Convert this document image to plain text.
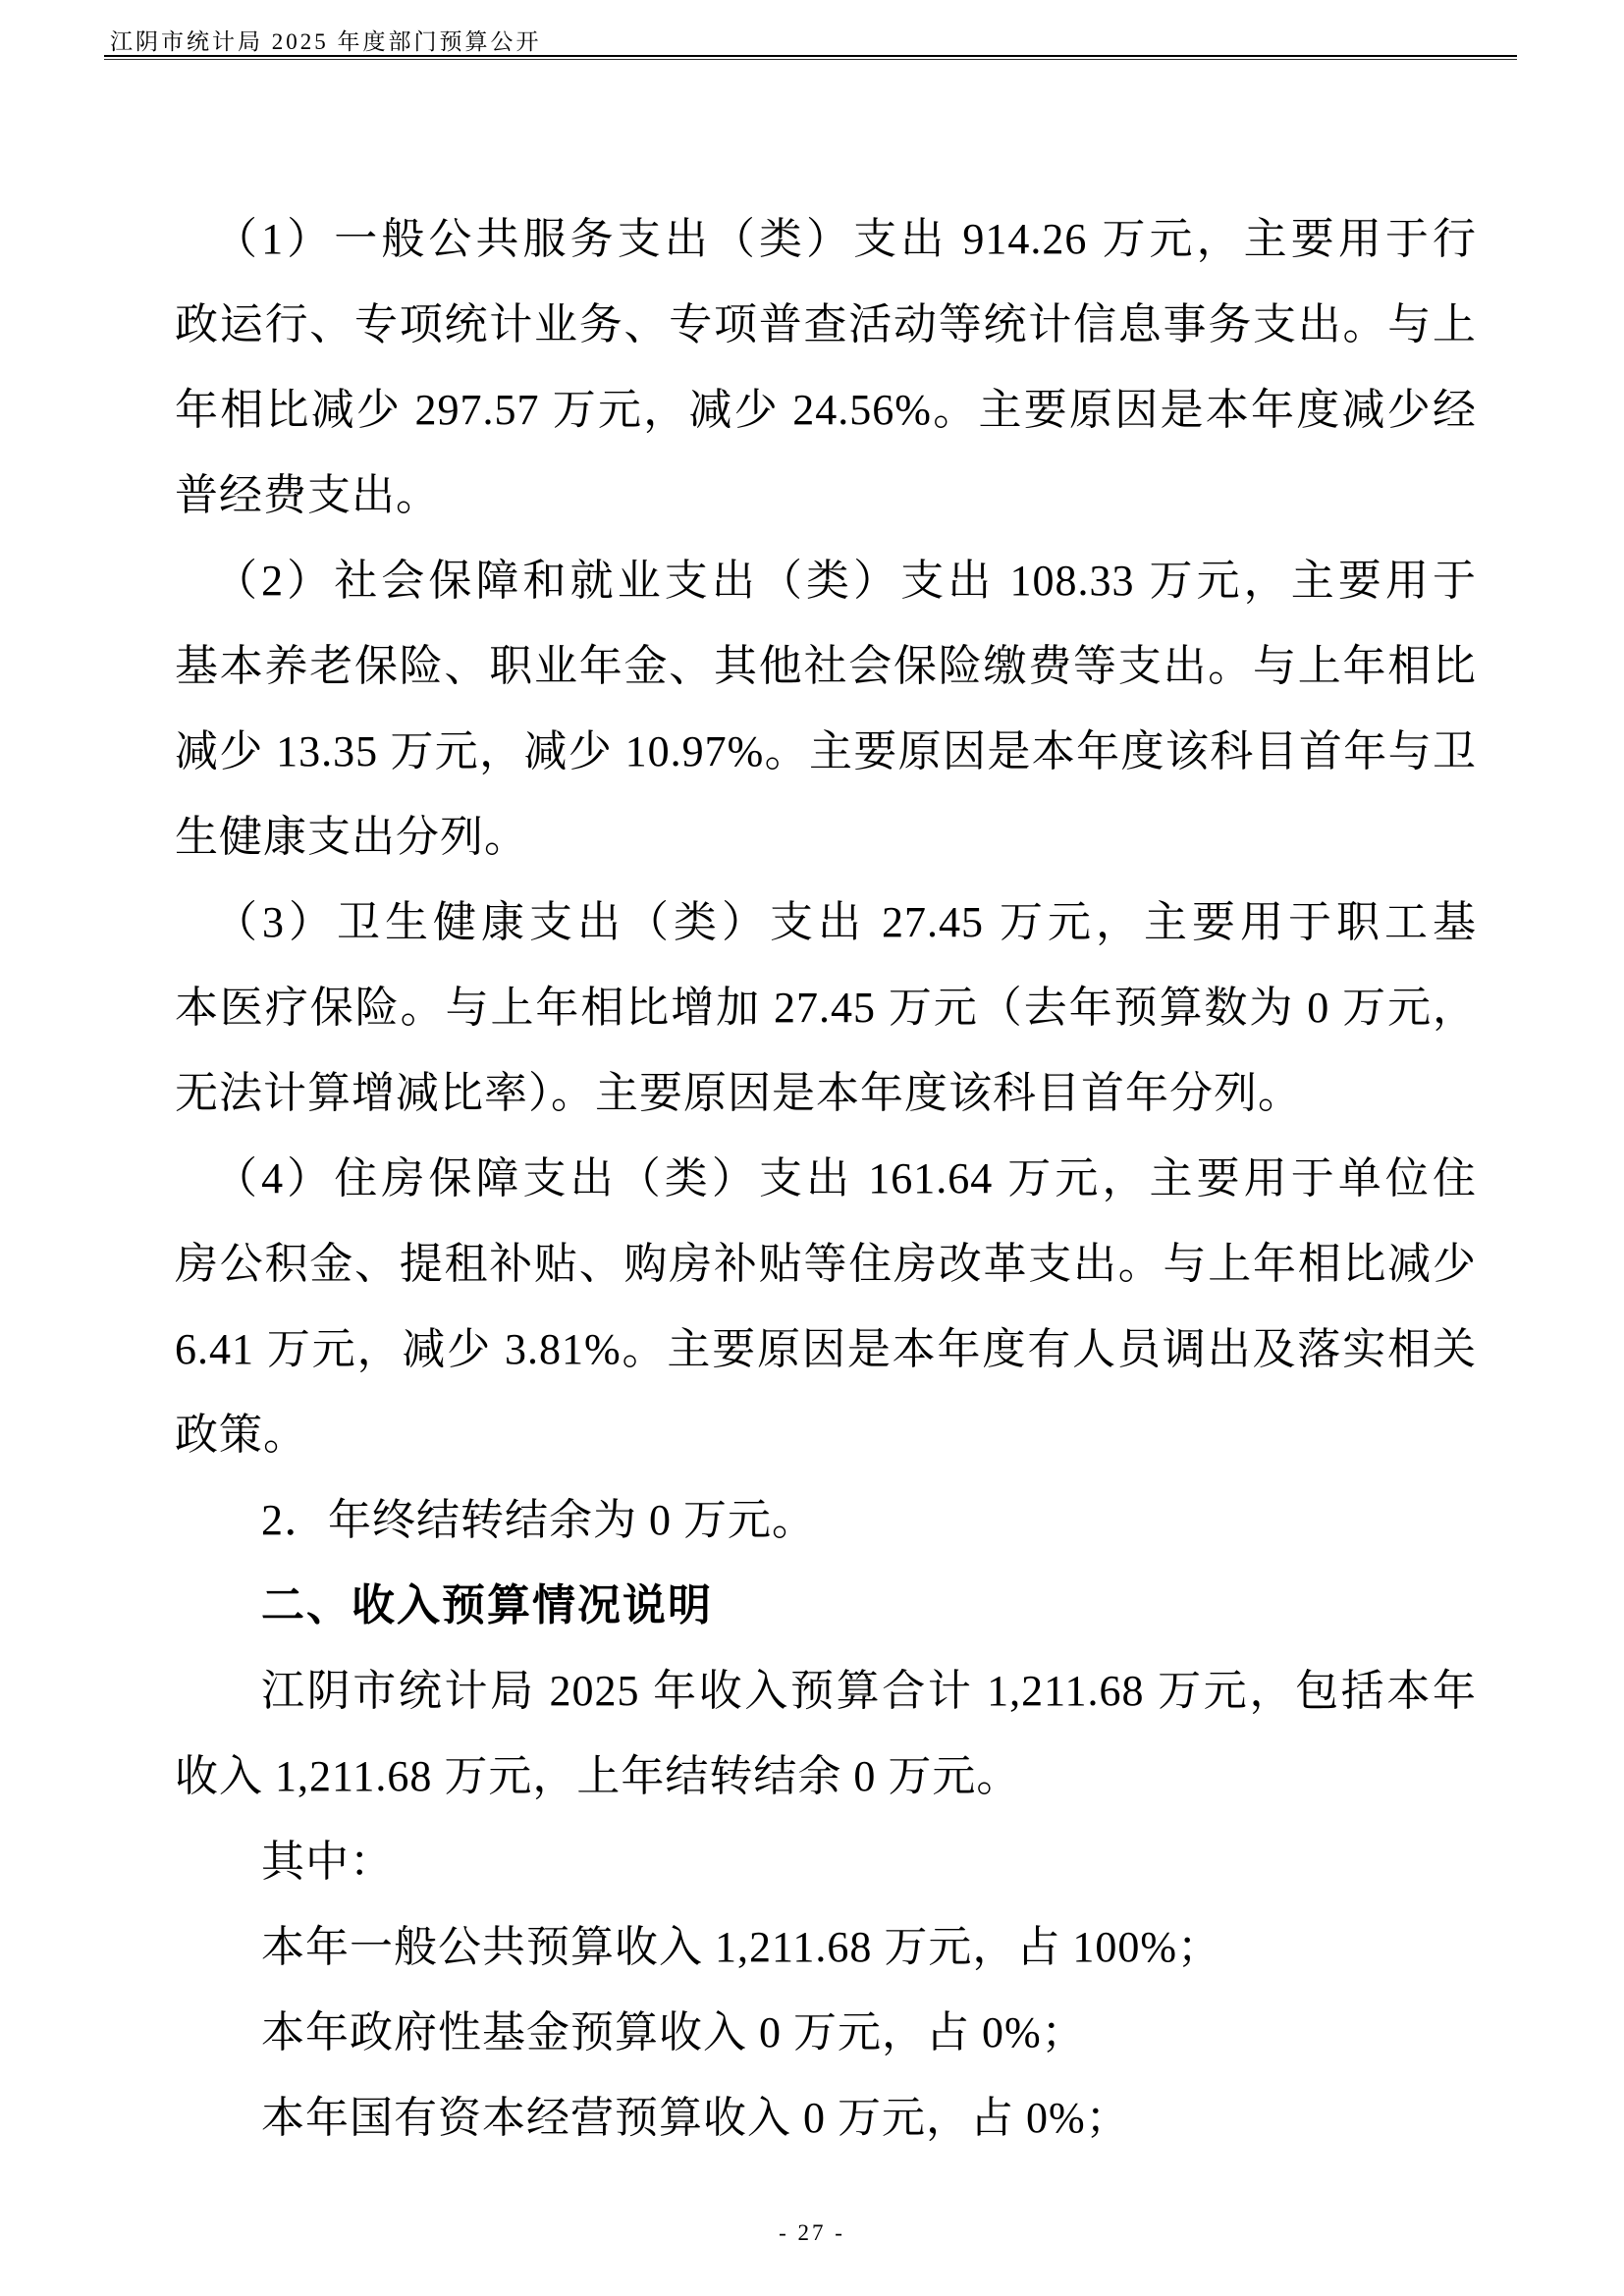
江阴市统计局 2025 年度部门预算公开
（1）一般公共服务支出（类）支出 914.26 万元，主要用于行
政运行、专项统计业务、专项普查活动等统计信息事务支出。与上
年相比减少 297.57 万元，减少 24.56%。主要原因是本年度减少经
普经费支出。
（2）社会保障和就业支出（类）支出 108.33 万元，主要用于
基本养老保险、职业年金、其他社会保险缴费等支出。与上年相比
减少 13.35 万元，减少 10.97%。主要原因是本年度该科目首年与卫
生健康支出分列。
（3）卫生健康支出（类）支出 27.45 万元，主要用于职工基
本医疗保险。与上年相比增加 27.45 万元（去年预算数为 0 万元，
无法计算增减比率）。主要原因是本年度该科目首年分列。
（4）住房保障支出（类）支出 161.64 万元，主要用于单位住
房公积金、提租补贴、购房补贴等住房改革支出。与上年相比减少
6.41 万元，减少 3.81%。主要原因是本年度有人员调出及落实相关
政策。
2．年终结转结余为 0 万元。
二、收入预算情况说明
江阴市统计局 2025 年收入预算合计 1,211.68 万元，包括本年
收入 1,211.68 万元，上年结转结余 0 万元。
其中：
本年一般公共预算收入 1,211.68 万元，占 100%；
本年政府性基金预算收入 0 万元，占 0%；
本年国有资本经营预算收入 0 万元，占 0%；
- 27 -
